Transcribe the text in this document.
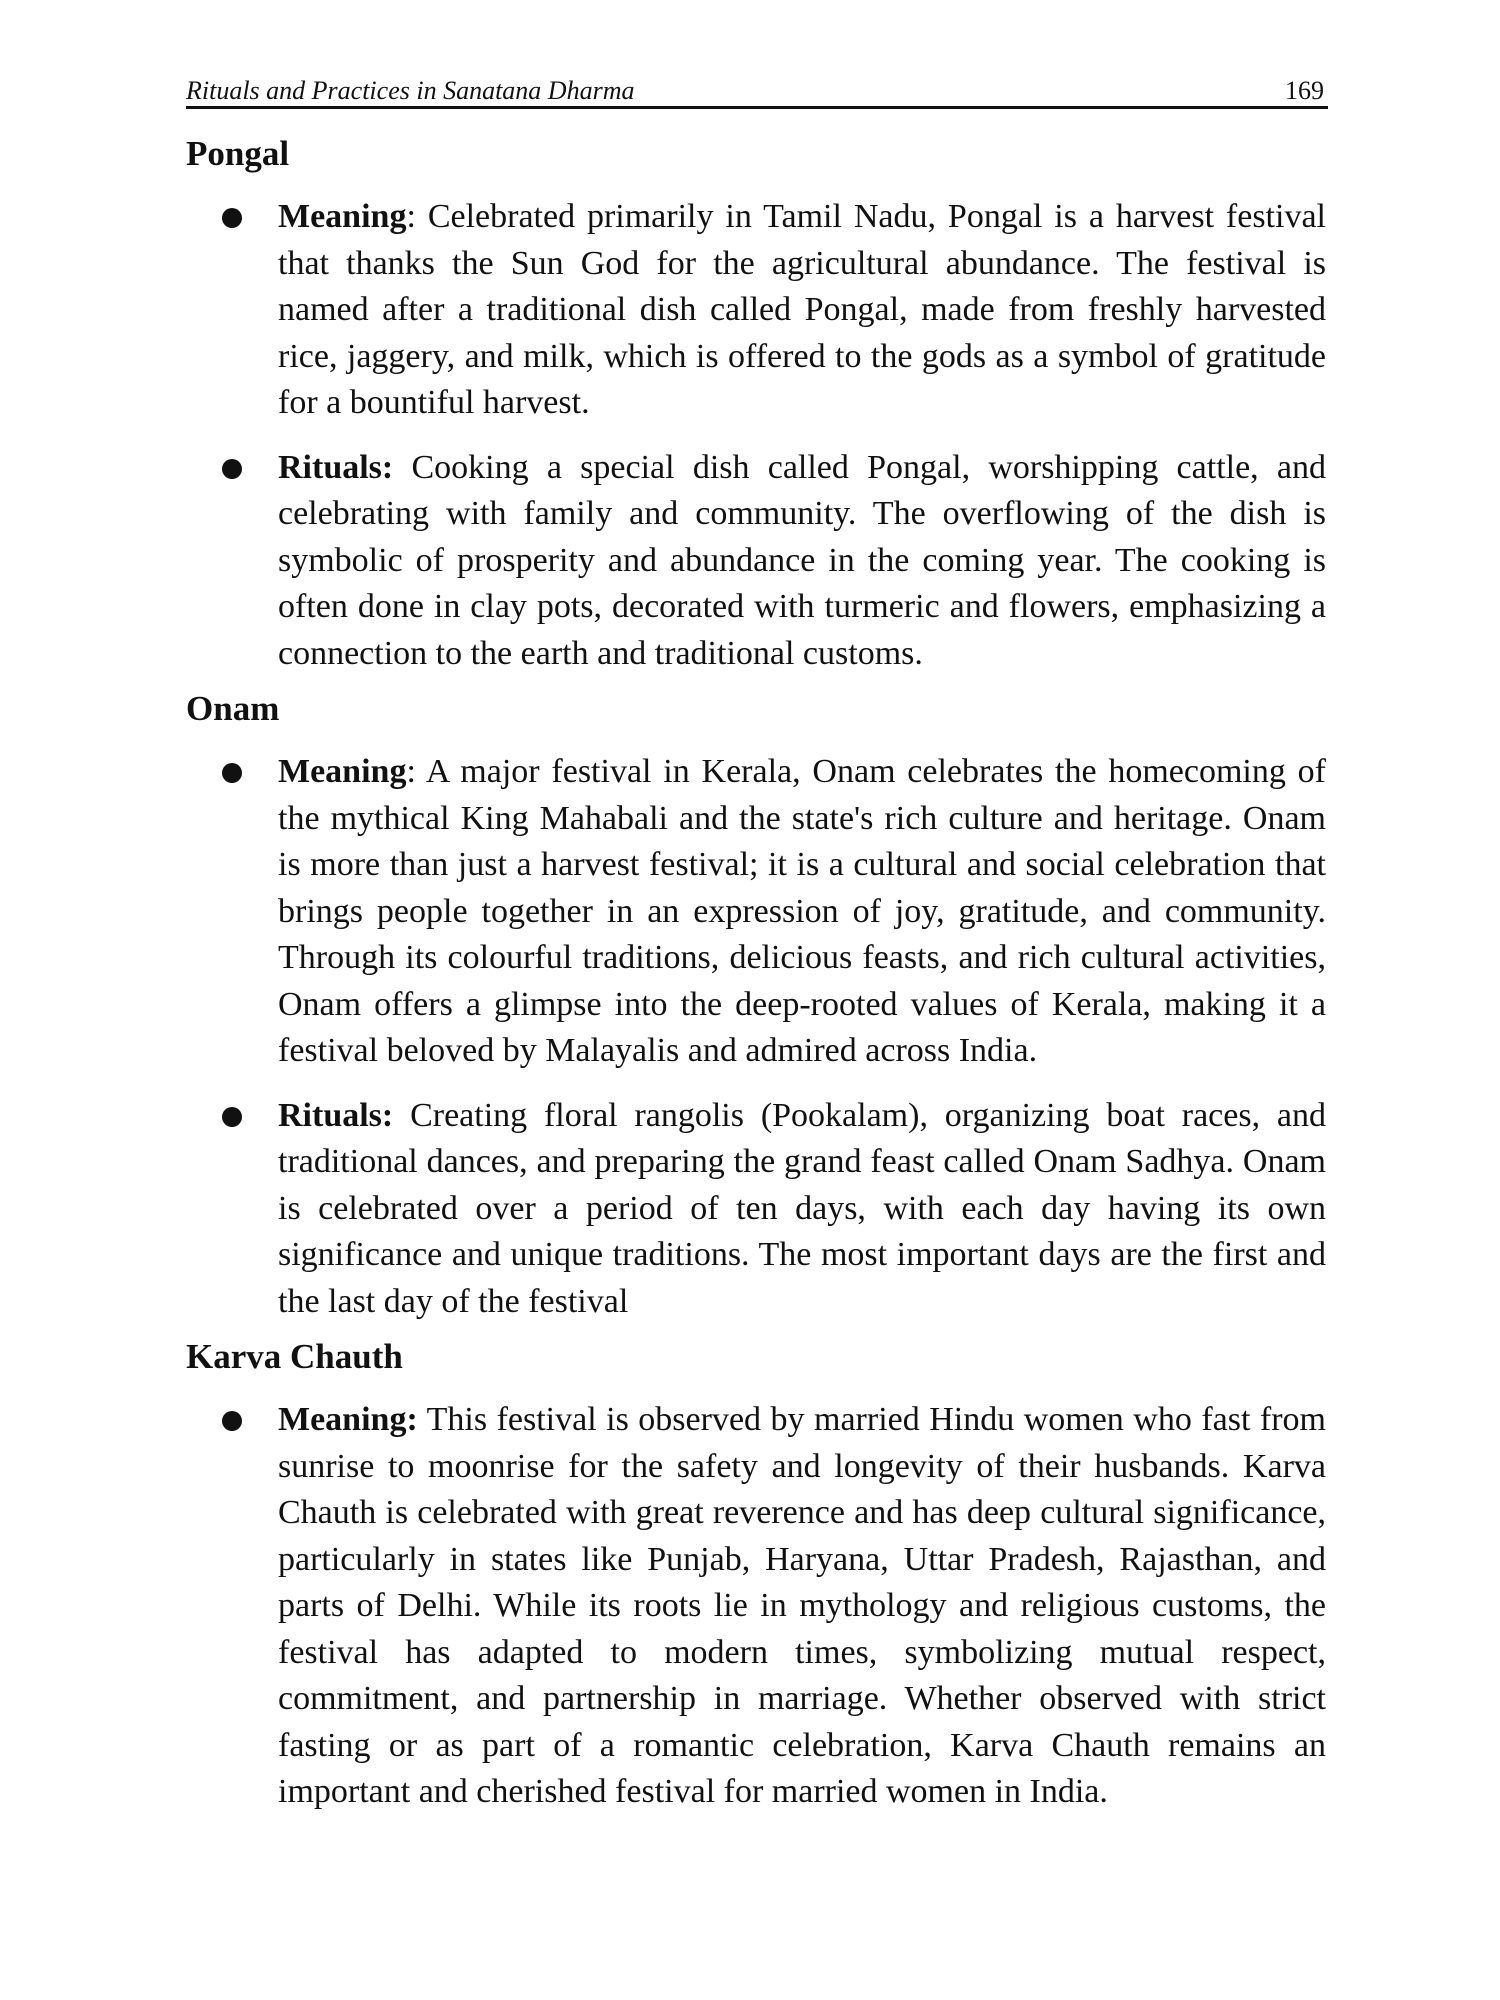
Rituals and Practices in Sanatana Dharma	169
Pongal
Meaning: Celebrated primarily in Tamil Nadu, Pongal is a harvest festival that thanks the Sun God for the agricultural abundance. The festival is named after a traditional dish called Pongal, made from freshly harvested rice, jaggery, and milk, which is offered to the gods as a symbol of gratitude for a bountiful harvest.
Rituals: Cooking a special dish called Pongal, worshipping cattle, and celebrating with family and community. The overflowing of the dish is symbolic of prosperity and abundance in the coming year. The cooking is often done in clay pots, decorated with turmeric and flowers, emphasizing a connection to the earth and traditional customs.
Onam
Meaning: A major festival in Kerala, Onam celebrates the homecoming of the mythical King Mahabali and the state's rich culture and heritage. Onam is more than just a harvest festival; it is a cultural and social celebration that brings people together in an expression of joy, gratitude, and community. Through its colourful traditions, delicious feasts, and rich cultural activities, Onam offers a glimpse into the deep-rooted values of Kerala, making it a festival beloved by Malayalis and admired across India.
Rituals: Creating floral rangolis (Pookalam), organizing boat races, and traditional dances, and preparing the grand feast called Onam Sadhya. Onam is celebrated over a period of ten days, with each day having its own significance and unique traditions. The most important days are the first and the last day of the festival
Karva Chauth
Meaning: This festival is observed by married Hindu women who fast from sunrise to moonrise for the safety and longevity of their husbands. Karva Chauth is celebrated with great reverence and has deep cultural significance, particularly in states like Punjab, Haryana, Uttar Pradesh, Rajasthan, and parts of Delhi. While its roots lie in mythology and religious customs, the festival has adapted to modern times, symbolizing mutual respect, commitment, and partnership in marriage. Whether observed with strict fasting or as part of a romantic celebration, Karva Chauth remains an important and cherished festival for married women in India.
